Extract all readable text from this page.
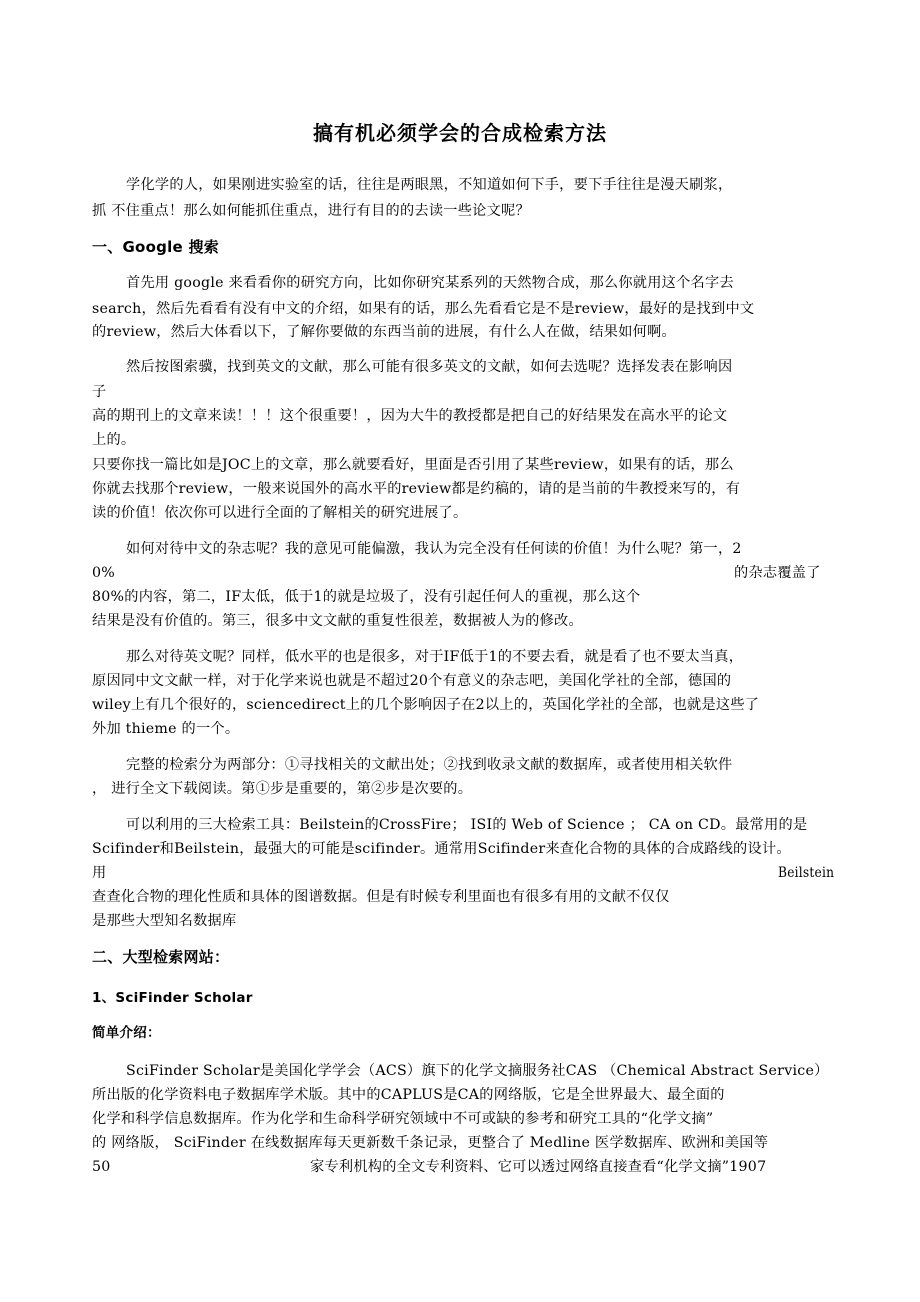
搞有机必须学会的合成检索方法
学化学的人，如果刚进实验室的话，往往是两眼黑，不知道如何下手，要下手往往是漫天刷浆，
抓 不住重点！那么如何能抓住重点，进行有目的的去读一些论文呢？
一、Google 搜索
首先用 google 来看看你的研究方向，比如你研究某系列的天然物合成，那么你就用这个名字去
search，然后先看看有没有中文的介绍，如果有的话，那么先看看它是不是review，最好的是找到中文
的review，然后大体看以下，了解你要做的东西当前的进展，有什么人在做，结果如何啊。
然后按图索骥，找到英文的文献，那么可能有很多英文的文献，如何去选呢？选择发表在影响因
子
高的期刊上的文章来读！！！这个很重要！，因为大牛的教授都是把自己的好结果发在高水平的论文
上的。
只要你找一篇比如是JOC上的文章，那么就要看好，里面是否引用了某些review，如果有的话，那么
你就去找那个review，一般来说国外的高水平的review都是约稿的，请的是当前的牛教授来写的，有
读的价值！依次你可以进行全面的了解相关的研究进展了。
如何对待中文的杂志呢？我的意见可能偏激，我认为完全没有任何读的价值！为什么呢？第一，2
0%	的杂志覆盖了
80%的内容，第二，IF太低，低于1的就是垃圾了，没有引起任何人的重视，那么这个
结果是没有价值的。第三，很多中文文献的重复性很差，数据被人为的修改。
那么对待英文呢？同样，低水平的也是很多，对于IF低于1的不要去看，就是看了也不要太当真，
原因同中文文献一样，对于化学来说也就是不超过20个有意义的杂志吧，美国化学社的全部，德国的
wiley上有几个很好的，sciencedirect上的几个影响因子在2以上的，英国化学社的全部，也就是这些了
外加 thieme 的一个。
完整的检索分为两部分：①寻找相关的文献出处；②找到收录文献的数据库，或者使用相关软件
， 进行全文下载阅读。第①步是重要的，第②步是次要的。
可以利用的三大检索工具：Beilstein的CrossFire； ISI的 Web of Science ； CA on CD。最常用的是
Scifinder和Beilstein，最强大的可能是scifinder。通常用Scifinder来查化合物的具体的合成路线的设计。
用	Beilstein
查查化合物的理化性质和具体的图谱数据。但是有时候专利里面也有很多有用的文献不仅仅
是那些大型知名数据库
二、大型检索网站：
1、SciFinder Scholar
简单介绍：
SciFinder Scholar是美国化学学会（ACS）旗下的化学文摘服务社CAS （Chemical Abstract Service）
所出版的化学资料电子数据库学术版。其中的CAPLUS是CA的网络版，它是全世界最大、最全面的
化学和科学信息数据库。作为化学和生命科学研究领域中不可或缺的参考和研究工具的“化学文摘”
的 网络版， SciFinder 在线数据库每天更新数千条记录，更整合了 Medline 医学数据库、欧洲和美国等
50	家专利机构的全文专利资料、它可以透过网络直接查看“化学文摘”1907
